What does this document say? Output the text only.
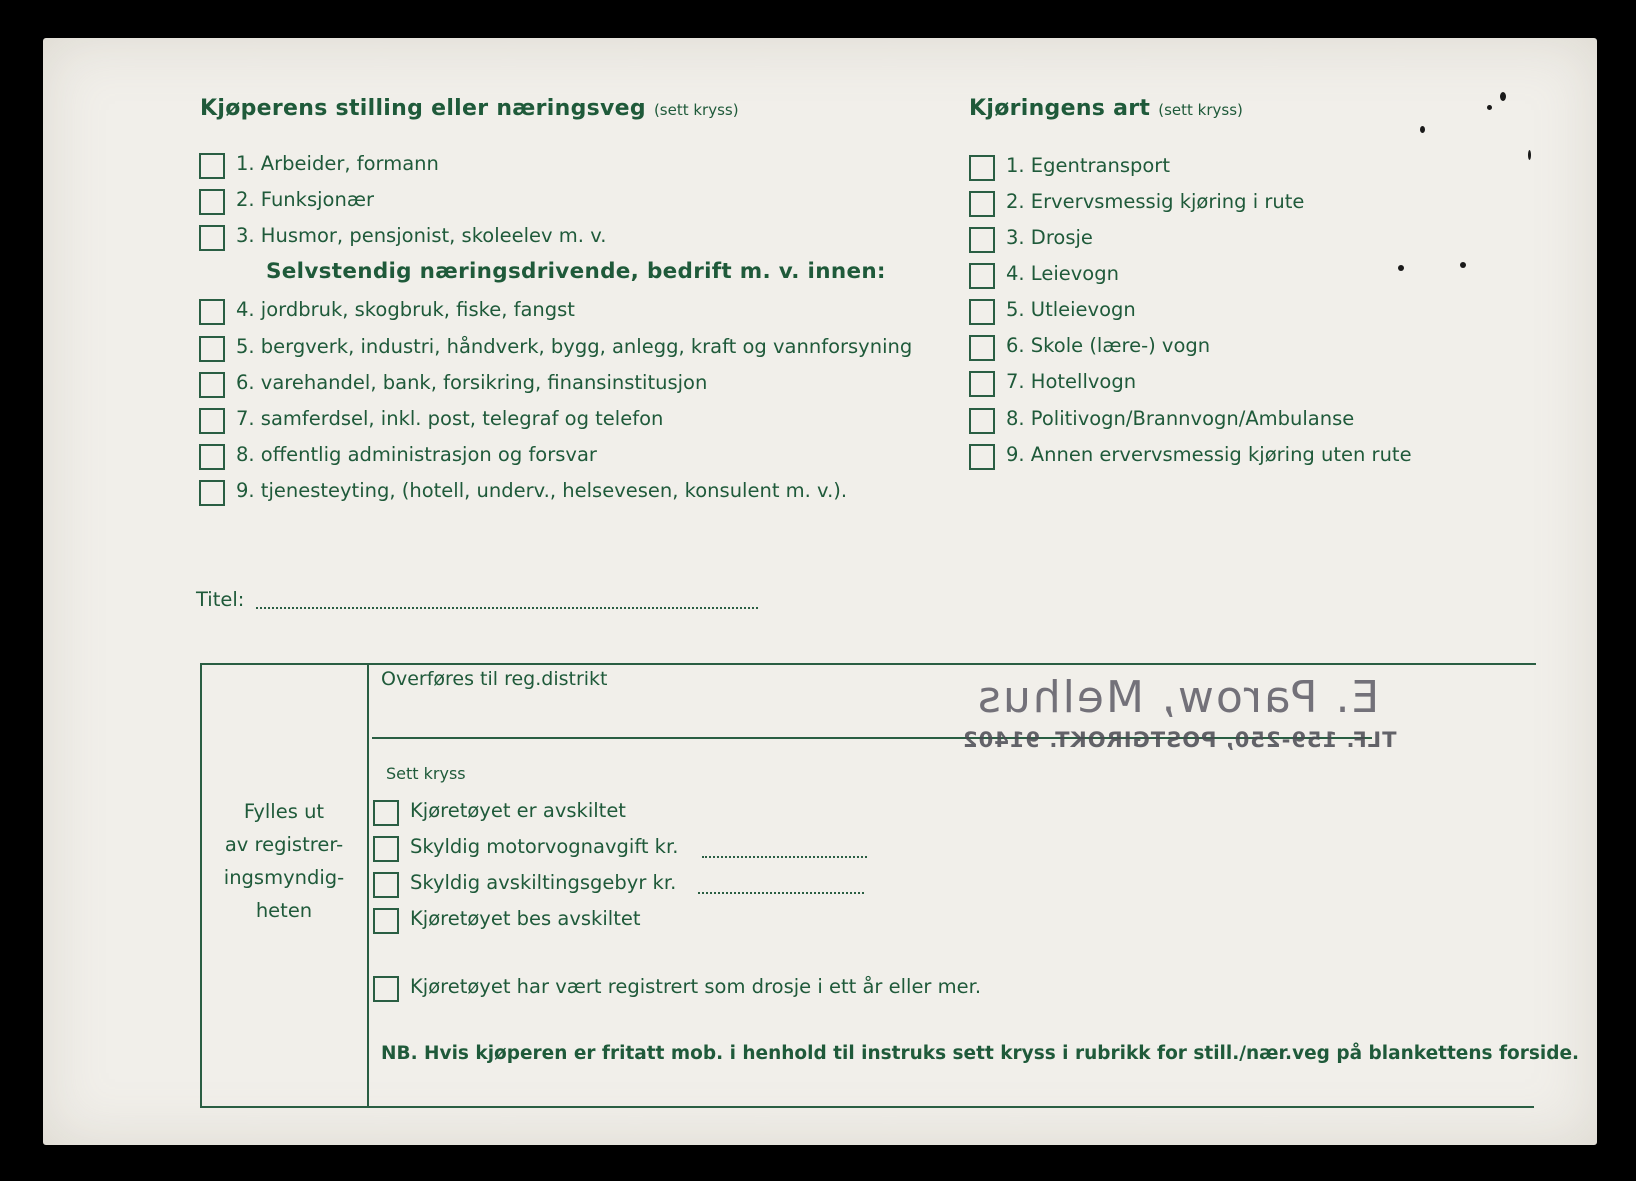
Kjøperens stilling eller næringsveg (sett kryss)
1. Arbeider, formann
2. Funksjonær
3. Husmor, pensjonist, skoleelev m. v.
Selvstendig næringsdrivende, bedrift m. v. innen:
4. jordbruk, skogbruk, fiske, fangst
5. bergverk, industri, håndverk, bygg, anlegg, kraft og vannforsyning
6. varehandel, bank, forsikring, finansinstitusjon
7. samferdsel, inkl. post, telegraf og telefon
8. offentlig administrasjon og forsvar
9. tjenesteyting, (hotell, underv., helsevesen, konsulent m. v.).
Kjøringens art (sett kryss)
1. Egentransport
2. Ervervsmessig kjøring i rute
3. Drosje
4. Leievogn
5. Utleievogn
6. Skole (lære-) vogn
7. Hotellvogn
8. Politivogn/Brannvogn/Ambulanse
9. Annen ervervsmessig kjøring uten rute
Titel:
Fylles ut
av registrer-
ingsmyndig-
heten
Overføres til reg.distrikt
Sett kryss
Kjøretøyet er avskiltet
Skyldig motorvognavgift kr.
Skyldig avskiltingsgebyr kr.
Kjøretøyet bes avskiltet
Kjøretøyet har vært registrert som drosje i ett år eller mer.
NB. Hvis kjøperen er fritatt mob. i henhold til instruks sett kryss i rubrikk for still./nær.veg på blankettens forside.
E. Parow, Melhus
TLF. 159-250, POSTGIROKT. 91402
